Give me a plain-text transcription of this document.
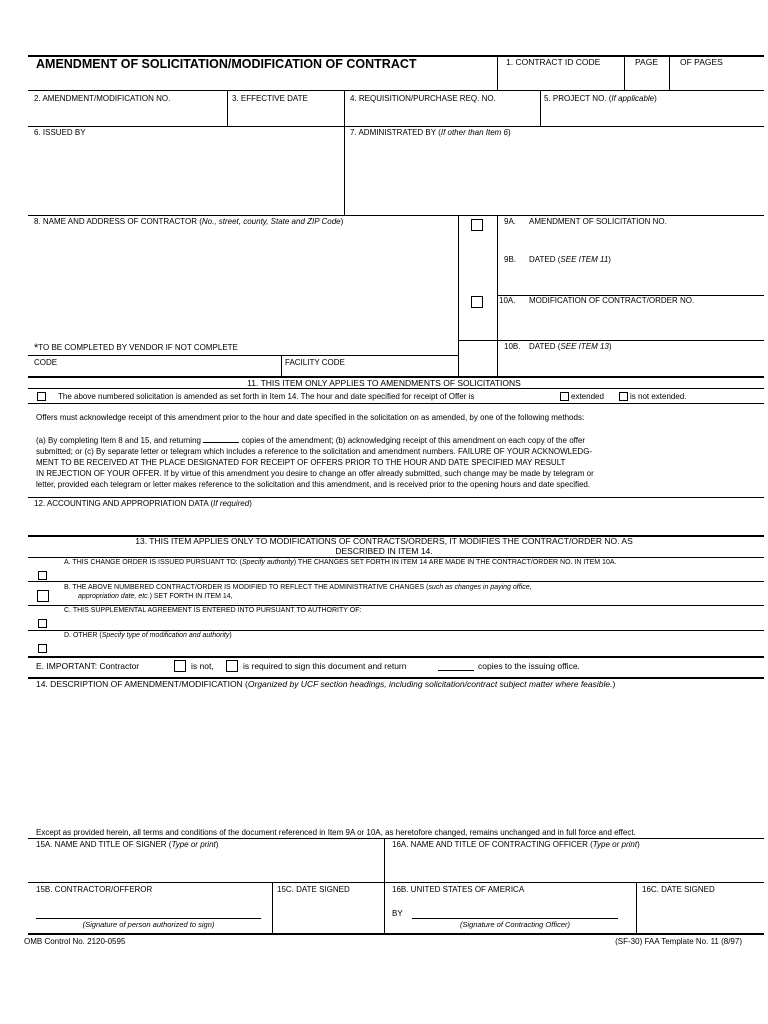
AMENDMENT OF SOLICITATION/MODIFICATION OF CONTRACT	1. CONTRACT ID CODE	PAGE	OF PAGES
2. AMENDMENT/MODIFICATION NO.	3. EFFECTIVE DATE	4. REQUISITION/PURCHASE REQ. NO.	5. PROJECT NO. (If applicable)
6. ISSUED BY	7. ADMINISTRATED BY (If other than Item 6)
8. NAME AND ADDRESS OF CONTRACTOR (No., street, county, State and ZIP Code)	9A. AMENDMENT OF SOLICITATION NO.
9B. DATED (SEE ITEM 11)
10A. MODIFICATION OF CONTRACT/ORDER NO.
10B. DATED (SEE ITEM 13)
*TO BE COMPLETED BY VENDOR IF NOT COMPLETE
CODE	FACILITY CODE
11. THIS ITEM ONLY APPLIES TO AMENDMENTS OF SOLICITATIONS
The above numbered solicitation is amended as set forth in Item 14. The hour and date specified for receipt of Offer is	extended	is not extended.
Offers must acknowledge receipt of this amendment prior to the hour and date specified in the solicitation on as amended, by one of the following methods:
(a) By completing Item 8 and 15, and returning	copies of the amendment; (b) acknowledging receipt of this amendment on each copy of the offer
submitted; or (c) By separate letter or telegram which includes a reference to the solicitation and amendment numbers. FAILURE OF YOUR ACKNOWLEDG-
MENT TO BE RECEIVED AT THE PLACE DESIGNATED FOR RECEIPT OF OFFERS PRIOR TO THE HOUR AND DATE SPECIFIED MAY RESULT
IN REJECTION OF YOUR OFFER. If by virtue of this amendment you desire to change an offer already submitted, such change may be made by telegram or
letter, provided each telegram or letter makes reference to the solicitation and this amendment, and is received prior to the opening hours and date specified.
12. ACCOUNTING AND APPROPRIATION DATA (If required)
13. THIS ITEM APPLIES ONLY TO MODIFICATIONS OF CONTRACTS/ORDERS, IT MODIFIES THE CONTRACT/ORDER NO. AS
DESCRIBED IN ITEM 14.
A. THIS CHANGE ORDER IS ISSUED PURSUANT TO: (Specify authority) THE CHANGES SET FORTH IN ITEM 14 ARE MADE IN THE CONTRACT/ORDER NO. IN ITEM 10A.
B. THE ABOVE NUMBERED CONTRACT/ORDER IS MODIFIED TO REFLECT THE ADMINISTRATIVE CHANGES (such as changes in paying office,
appropriation date, etc.) SET FORTH IN ITEM 14,
C. THIS SUPPLEMENTAL AGREEMENT IS ENTERED INTO PURSUANT TO AUTHORITY OF:
D. OTHER (Specify type of modification and authority)
E. IMPORTANT: Contractor	is not,	is required to sign this document and return	copies to the issuing office.
14. DESCRIPTION OF AMENDMENT/MODIFICATION (Organized by UCF section headings, including solicitation/contract subject matter where feasible.)
Except as provided herein, all terms and conditions of the document referenced in Item 9A or 10A, as heretofore changed, remains unchanged and in full force and effect.
15A. NAME AND TITLE OF SIGNER (Type or print)	16A. NAME AND TITLE OF CONTRACTING OFFICER (Type or print)
15B. CONTRACTOR/OFFEROR	15C. DATE SIGNED	16B. UNITED STATES OF AMERICA	16C. DATE SIGNED
(Signature of person authorized to sign)
BY
(Signature of Contracting Officer)
OMB Control No. 2120-0595	(SF-30) FAA Template No. 11 (8/97)
